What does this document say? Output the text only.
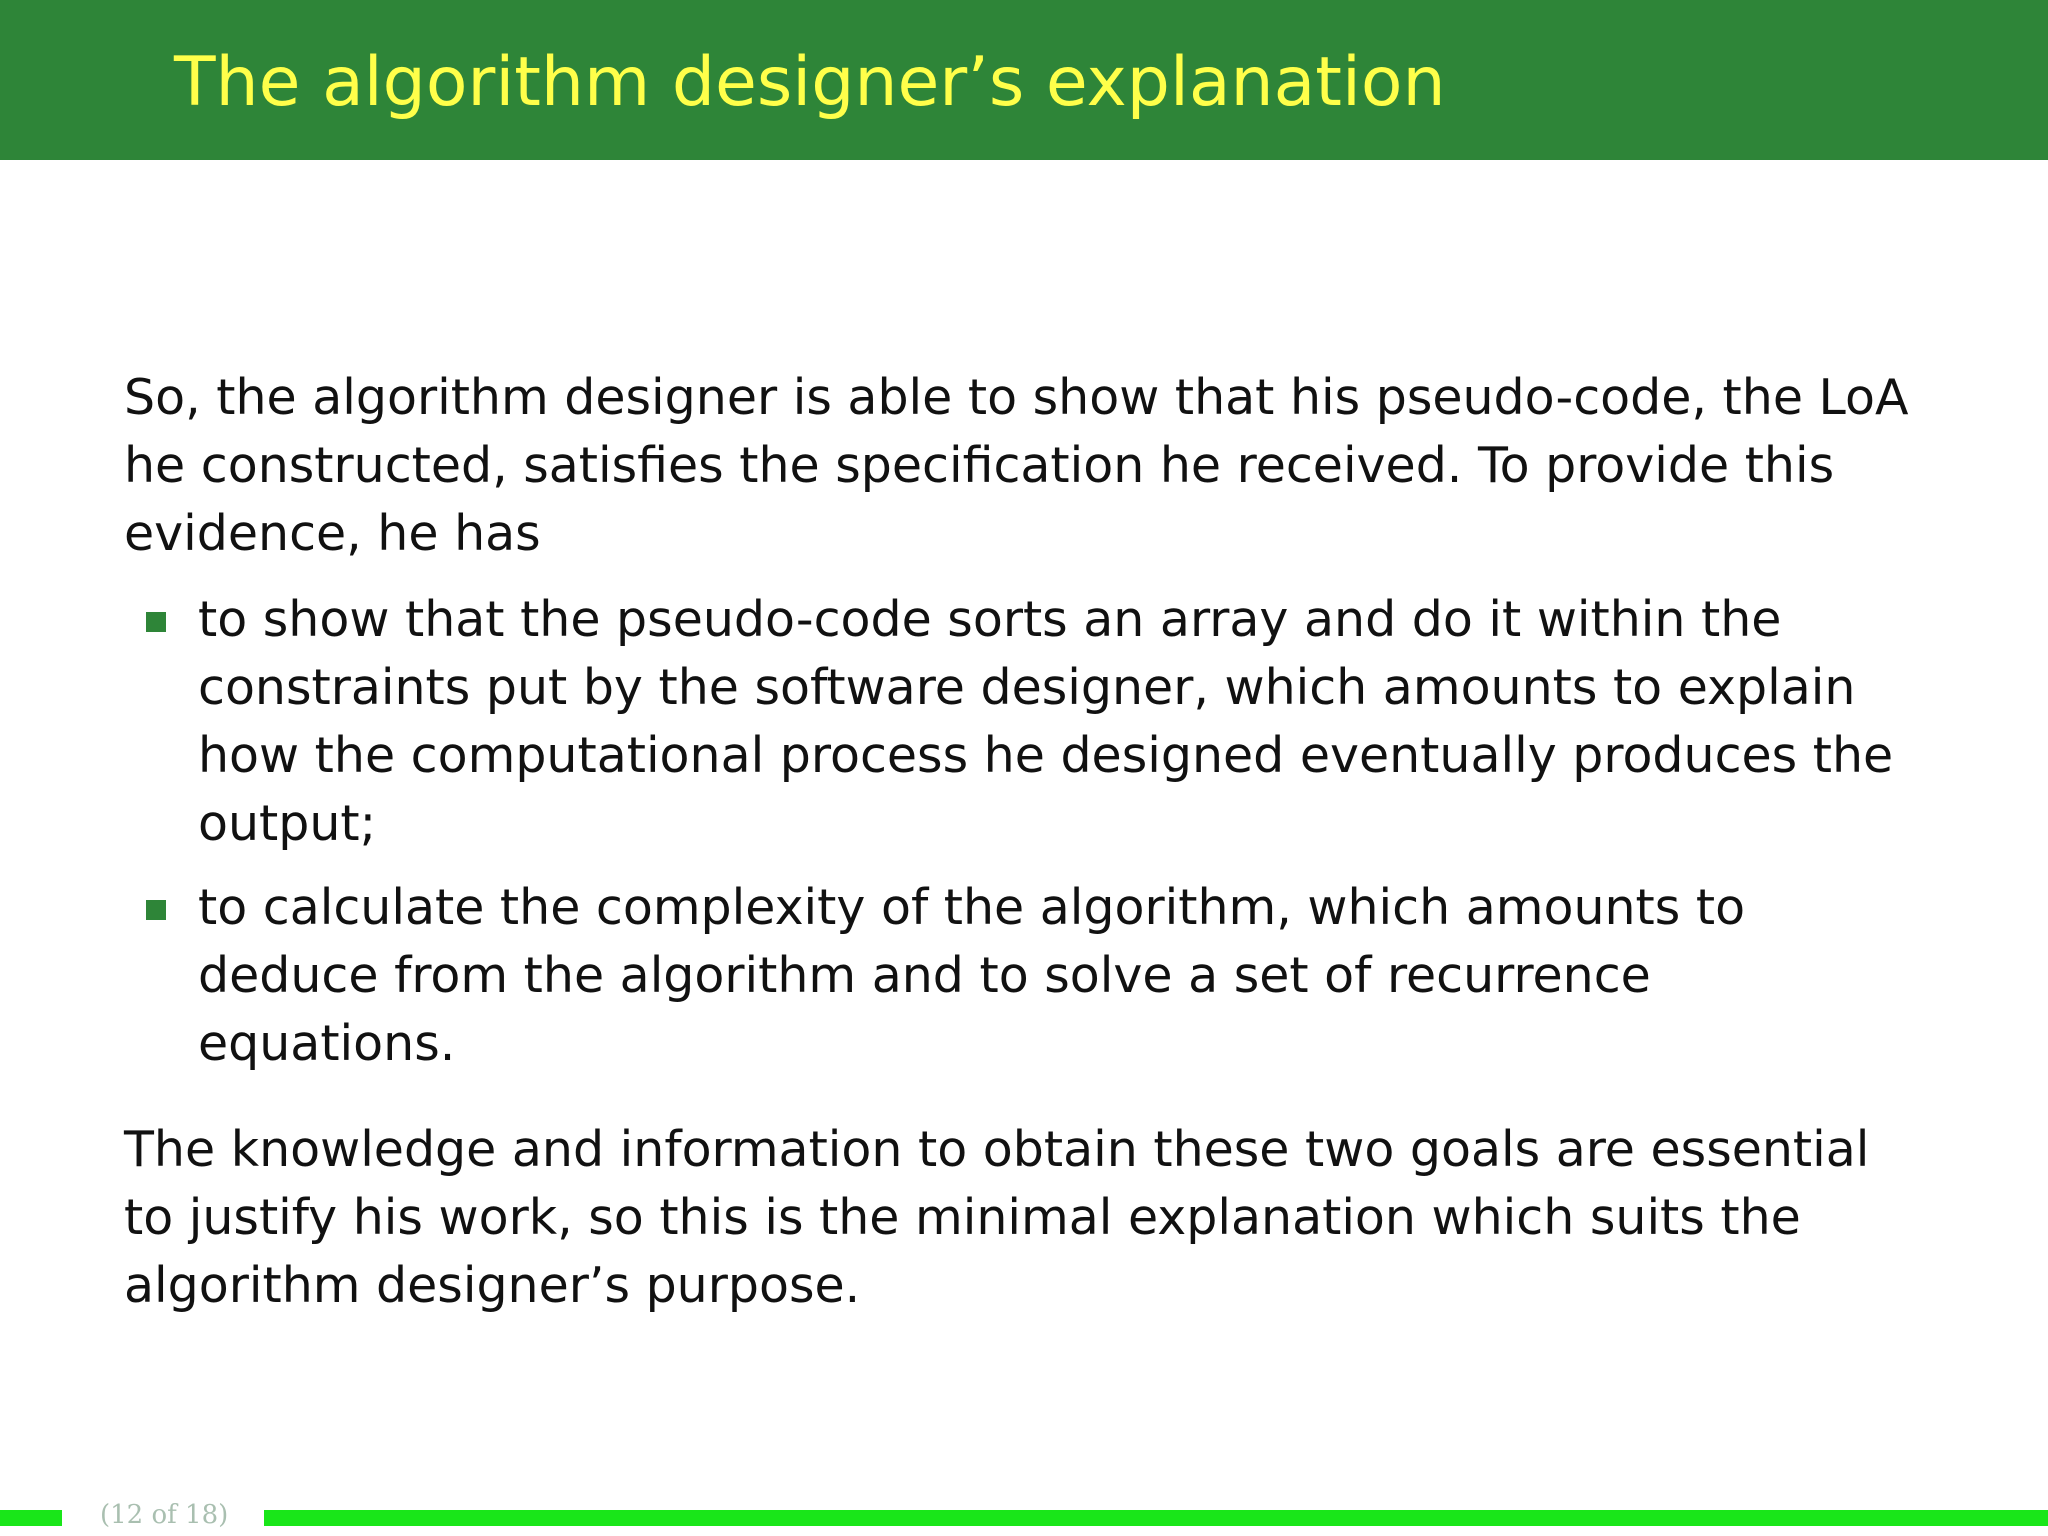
The algorithm designer’s explanation

So, the algorithm designer is able to show that his pseudo-code, the LoA he constructed, satisfies the specification he received. To provide this evidence, he has

to show that the pseudo-code sorts an array and do it within the constraints put by the software designer, which amounts to explain how the computational process he designed eventually produces the output;
to calculate the complexity of the algorithm, which amounts to deduce from the algorithm and to solve a set of recurrence equations.

The knowledge and information to obtain these two goals are essential to justify his work, so this is the minimal explanation which suits the algorithm designer’s purpose.

(12 of 18)
